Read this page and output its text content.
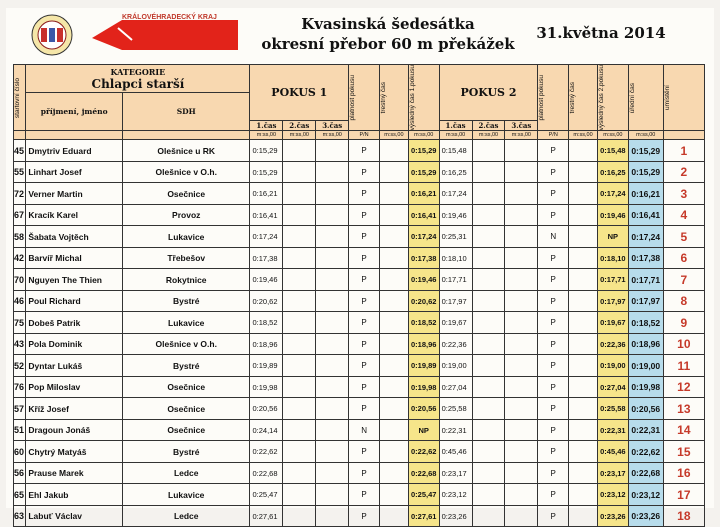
KRÁLOVÉHRADECKÝ KRAJ	Kvasinská šedesátka
okresní přebor 60 m překážek
31.května 2014
startovní číslo	KATEGORIE
Chlapci starší		POKUS 1			platnost pokusu	trestný čas	výsledný čas 1.pokusu	POKUS 2			platnost pokusu	trestný čas	výsledný čas 2.pokusu	úřední čas	umístění

	příjmení, jméno	SDH														
			1.čas	2.čas	3.čas				1.čas	2.čas	3.čas					
			m:ss,00	m:ss,00	m:ss,00	P/N	m:ss,00	m:ss,00	m:ss,00	m:ss,00	m:ss,00	P/N	m:ss,00	m:ss,00	m:ss,00	
45	Dmytriv Eduard	Olešnice u RK	0:15,29			P		0:15,29	0:15,48			P		0:15,48	0:15,29	1
55	Linhart Josef	Olešnice v O.h.	0:15,29			P		0:15,29	0:16,25			P		0:16,25	0:15,29	2
72	Verner Martin	Osečnice	0:16,21			P		0:16,21	0:17,24			P		0:17,24	0:16,21	3
67	Kracík Karel	Provoz	0:16,41			P		0:16,41	0:19,46			P		0:19,46	0:16,41	4
58	Šabata Vojtěch	Lukavice	0:17,24			P		0:17,24	0:25,31			N		NP	0:17,24	5
42	Barvíř Michal	Třebešov	0:17,38			P		0:17,38	0:18,10			P		0:18,10	0:17,38	6
70	Nguyen The Thien	Rokytnice	0:19,46			P		0:19,46	0:17,71			P		0:17,71	0:17,71	7
46	Poul Richard	Bystré	0:20,62			P		0:20,62	0:17,97			P		0:17,97	0:17,97	8
75	Dobeš Patrik	Lukavice	0:18,52			P		0:18,52	0:19,67			P		0:19,67	0:18,52	9
43	Pola Dominik	Olešnice v O.h.	0:18,96			P		0:18,96	0:22,36			P		0:22,36	0:18,96	10
52	Dyntar Lukáš	Bystré	0:19,89			P		0:19,89	0:19,00			P		0:19,00	0:19,00	11
76	Pop Miloslav	Osečnice	0:19,98			P		0:19,98	0:27,04			P		0:27,04	0:19,98	12
57	Kříž Josef	Osečnice	0:20,56			P		0:20,56	0:25,58			P		0:25,58	0:20,56	13
51	Dragoun Jonáš	Osečnice	0:24,14			N		NP	0:22,31			P		0:22,31	0:22,31	14
60	Chytrý Matyáš	Bystré	0:22,62			P		0:22,62	0:45,46			P		0:45,46	0:22,62	15
56	Prause Marek	Ledce	0:22,68			P		0:22,68	0:23,17			P		0:23,17	0:22,68	16
65	Ehl Jakub	Lukavice	0:25,47			P		0:25,47	0:23,12			P		0:23,12	0:23,12	17
63	Labuť Václav	Ledce	0:27,61			P		0:27,61	0:23,26			P		0:23,26	0:23,26	18
